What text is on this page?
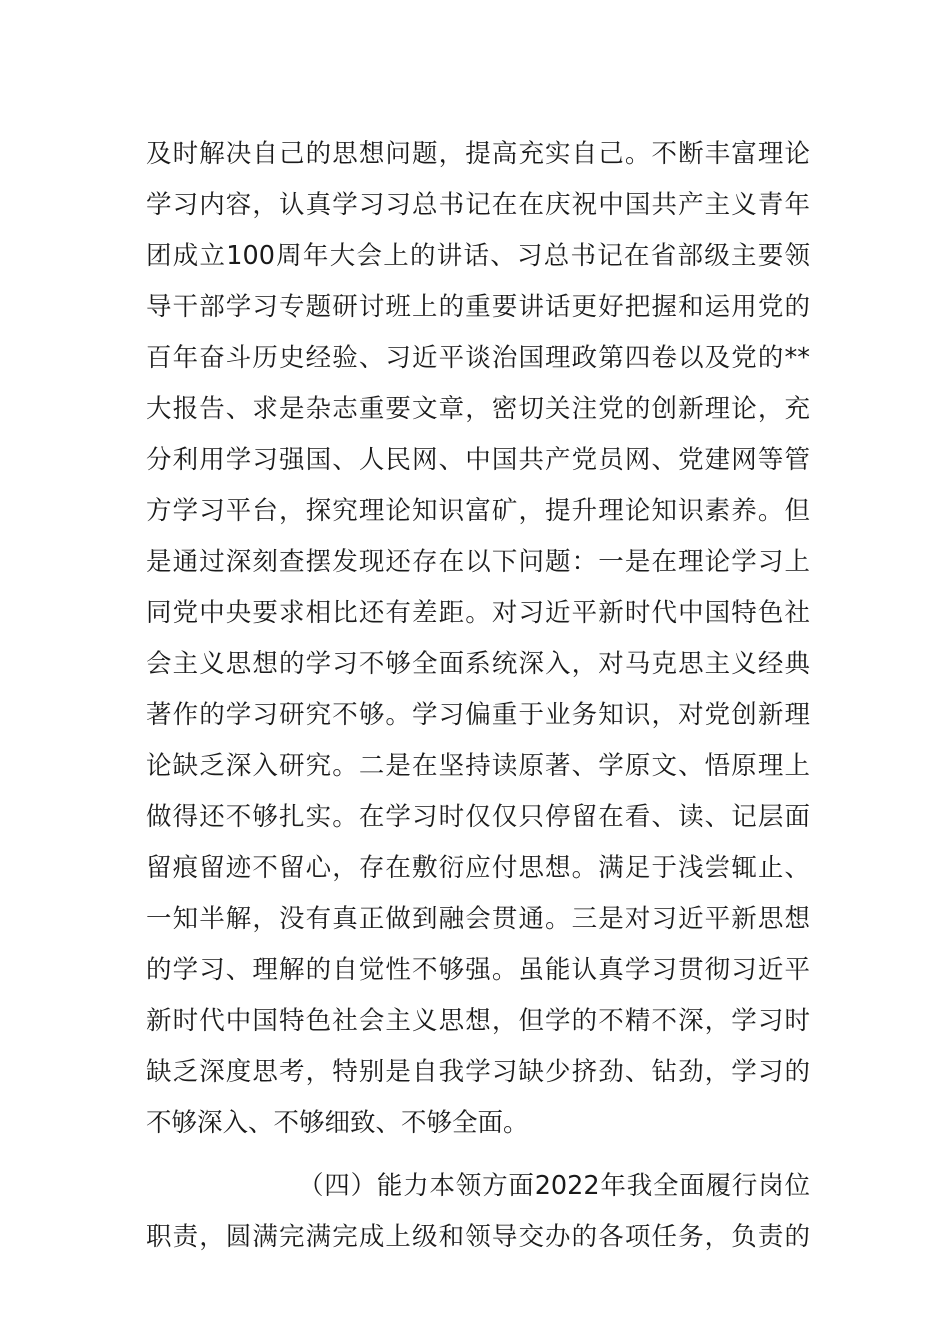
及时解决自己的思想问题，提高充实自己。不断丰富理论
学习内容，认真学习习总书记在在庆祝中国共产主义青年
团成立100周年大会上的讲话、习总书记在省部级主要领
导干部学习专题研讨班上的重要讲话更好把握和运用党的
百年奋斗历史经验、习近平谈治国理政第四卷以及党的**
大报告、求是杂志重要文章，密切关注党的创新理论，充
分利用学习强国、人民网、中国共产党员网、党建网等管
方学习平台，探究理论知识富矿，提升理论知识素养。但
是通过深刻查摆发现还存在以下问题：一是在理论学习上
同党中央要求相比还有差距。对习近平新时代中国特色社
会主义思想的学习不够全面系统深入，对马克思主义经典
著作的学习研究不够。学习偏重于业务知识，对党创新理
论缺乏深入研究。二是在坚持读原著、学原文、悟原理上
做得还不够扎实。在学习时仅仅只停留在看、读、记层面
留痕留迹不留心，存在敷衍应付思想。满足于浅尝辄止、
一知半解，没有真正做到融会贯通。三是对习近平新思想
的学习、理解的自觉性不够强。虽能认真学习贯彻习近平
新时代中国特色社会主义思想，但学的不精不深，学习时
缺乏深度思考，特别是自我学习缺少挤劲、钻劲，学习的
不够深入、不够细致、不够全面。
（四）能力本领方面2022年我全面履行岗位
职责，圆满完满完成上级和领导交办的各项任务，负责的
